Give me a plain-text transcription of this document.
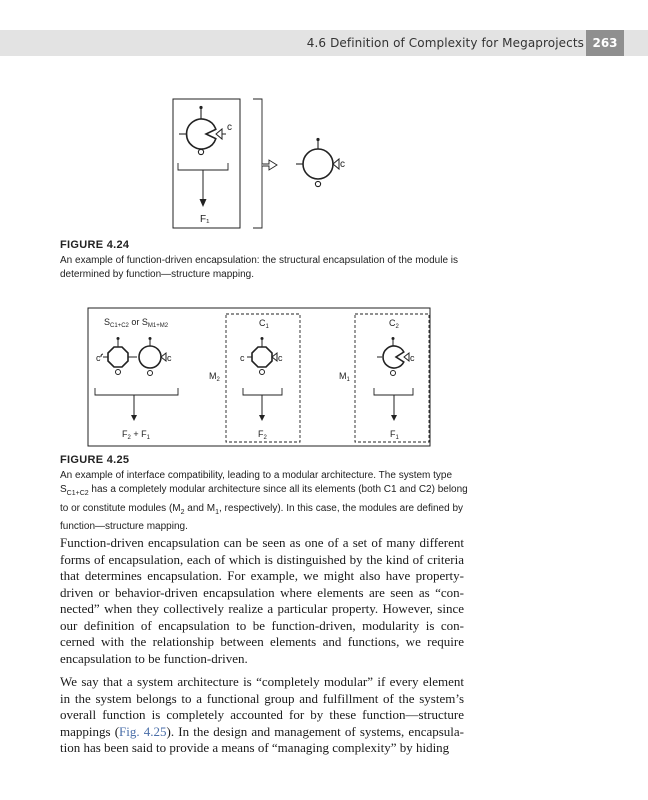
4.6 Definition of Complexity for Megaprojects 263
c
F₁
c
FIGURE 4.24
An example of function-driven encapsulation: the structural encapsulation of the module is determined by function—structure mapping.
$S_{C1+C2}$ or $S_{M1+M2}$
c	c
$F_2 + F_1$
$M_2$
$C_1$
c	c
$F_2$
$M_1$
$C_2$
c
$F_1$
FIGURE 4.25
An example of interface compatibility, leading to a modular architecture. The system type $S_{C1+C2}$ has a completely modular architecture since all its elements (both C1 and C2) belong to or constitute modules ($M_2$ and $M_1$, respectively). In this case, the modules are defined by function—structure mapping.

Function-driven encapsulation can be seen as one of a set of many different forms of encapsulation, each of which is distinguished by the kind of criteria that determines encapsulation. For example, we might also have property-driven or behavior-driven encapsulation where elements are seen as “con-nected” when they collectively realize a particular property. However, since our definition of encapsulation to be function-driven, modularity is con-cerned with the relationship between elements and functions, we require encapsulation to be function-driven.

We say that a system architecture is “completely modular” if every element in the system belongs to a functional group and fulfillment of the system’s overall function is completely accounted for by these function—structure mappings (Fig. 4.25). In the design and management of systems, encapsula-tion has been said to provide a means of “managing complexity” by hiding
